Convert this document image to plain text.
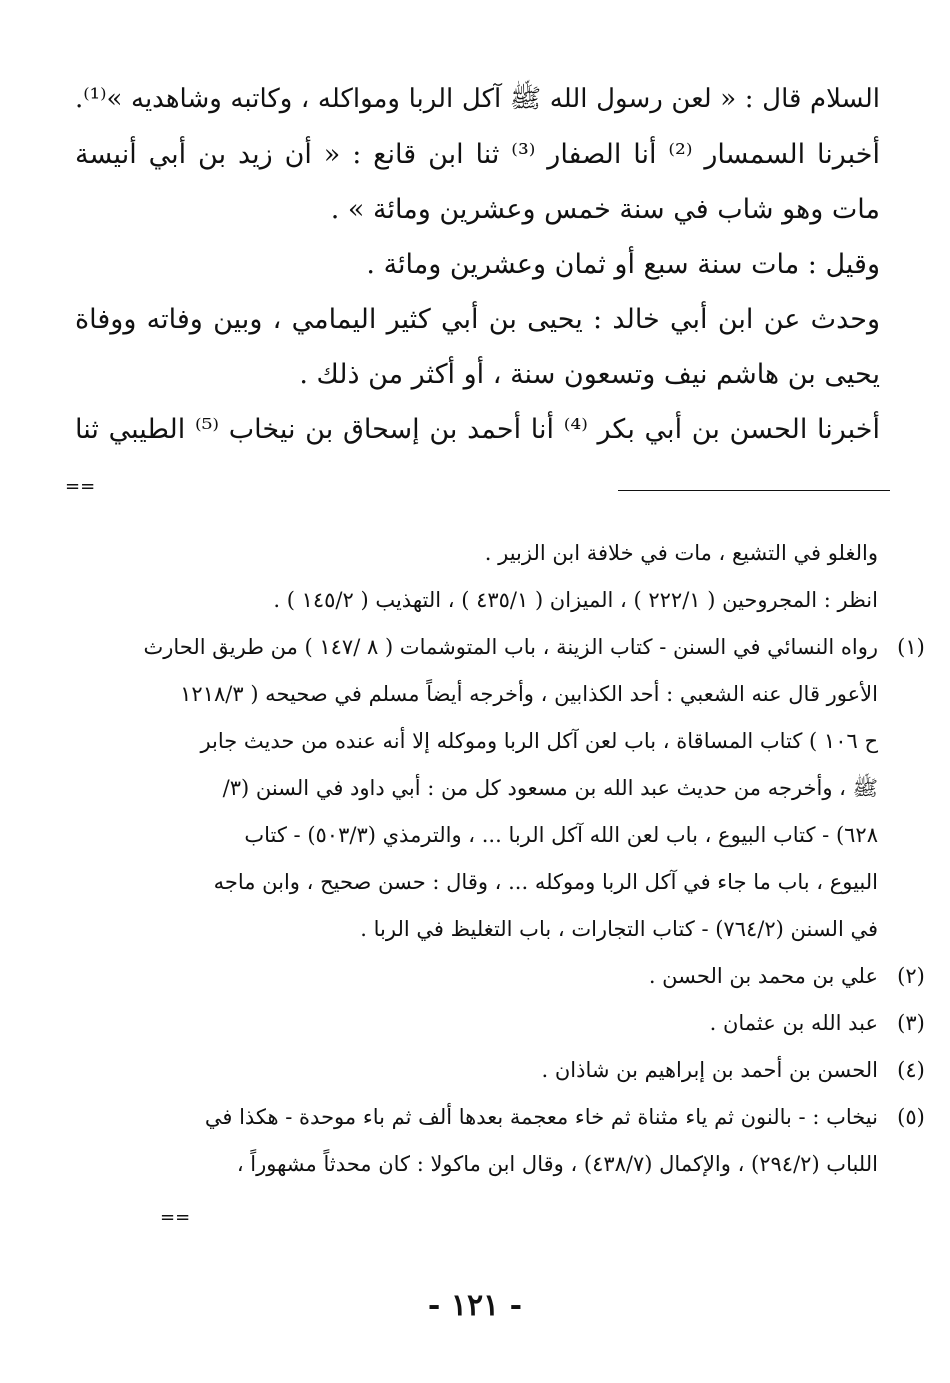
السلام قال : « لعن رسول الله ﷺ آكل الربا ومواكله ، وكاتبه وشاهديه »⁽¹⁾.
أخبرنا السمسار ⁽²⁾ أنا الصفار ⁽³⁾ ثنا ابن قانع : « أن زيد بن أبي أنيسة
مات وهو شاب في سنة خمس وعشرين ومائة » .
وقيل : مات سنة سبع أو ثمان وعشرين ومائة .
وحدث عن ابن أبي خالد : يحيى بن أبي كثير اليمامي ، وبين وفاته ووفاة
يحيى بن هاشم نيف وتسعون سنة ، أو أكثر من ذلك .
أخبرنا الحسن بن أبي بكر ⁽⁴⁾ أنا أحمد بن إسحاق بن نيخاب ⁽⁵⁾ الطيبي ثنا
==
والغلو في التشيع ، مات في خلافة ابن الزبير .
انظر : المجروحين ( ٢٢٢/١ ) ، الميزان ( ٤٣٥/١ ) ، التهذيب ( ١٤٥/٢ ) .
(١)
رواه النسائي في السنن - كتاب الزينة ، باب المتوشمات ( ٨ /١٤٧ ) من طريق الحارث
الأعور قال عنه الشعبي : أحد الكذابين ، وأخرجه أيضاً مسلم في صحيحه ( ١٢١٨/٣
ح ١٠٦ ) كتاب المساقاة ، باب لعن آكل الربا وموكله إلا أنه عنده من حديث جابر
ﷺ ، وأخرجه من حديث عبد الله بن مسعود كل من : أبي داود في السنن (٣/
٦٢٨) - كتاب البيوع ، باب لعن الله آكل الربا ... ، والترمذي (٥٠٣/٣) - كتاب
البيوع ، باب ما جاء في آكل الربا وموكله ... ، وقال : حسن صحيح ، وابن ماجه
في السنن (٧٦٤/٢) - كتاب التجارات ، باب التغليظ في الربا .
(٢)
علي بن محمد بن الحسن .
(٣)
عبد الله بن عثمان .
(٤)
الحسن بن أحمد بن إبراهيم بن شاذان .
(٥)
نيخاب : - بالنون ثم ياء مثناة ثم خاء معجمة بعدها ألف ثم باء موحدة - هكذا في
اللباب (٢٩٤/٢) ، والإكمال (٤٣٨/٧) ، وقال ابن ماكولا : كان محدثاً مشهوراً ،
==
- ١٢١ -
